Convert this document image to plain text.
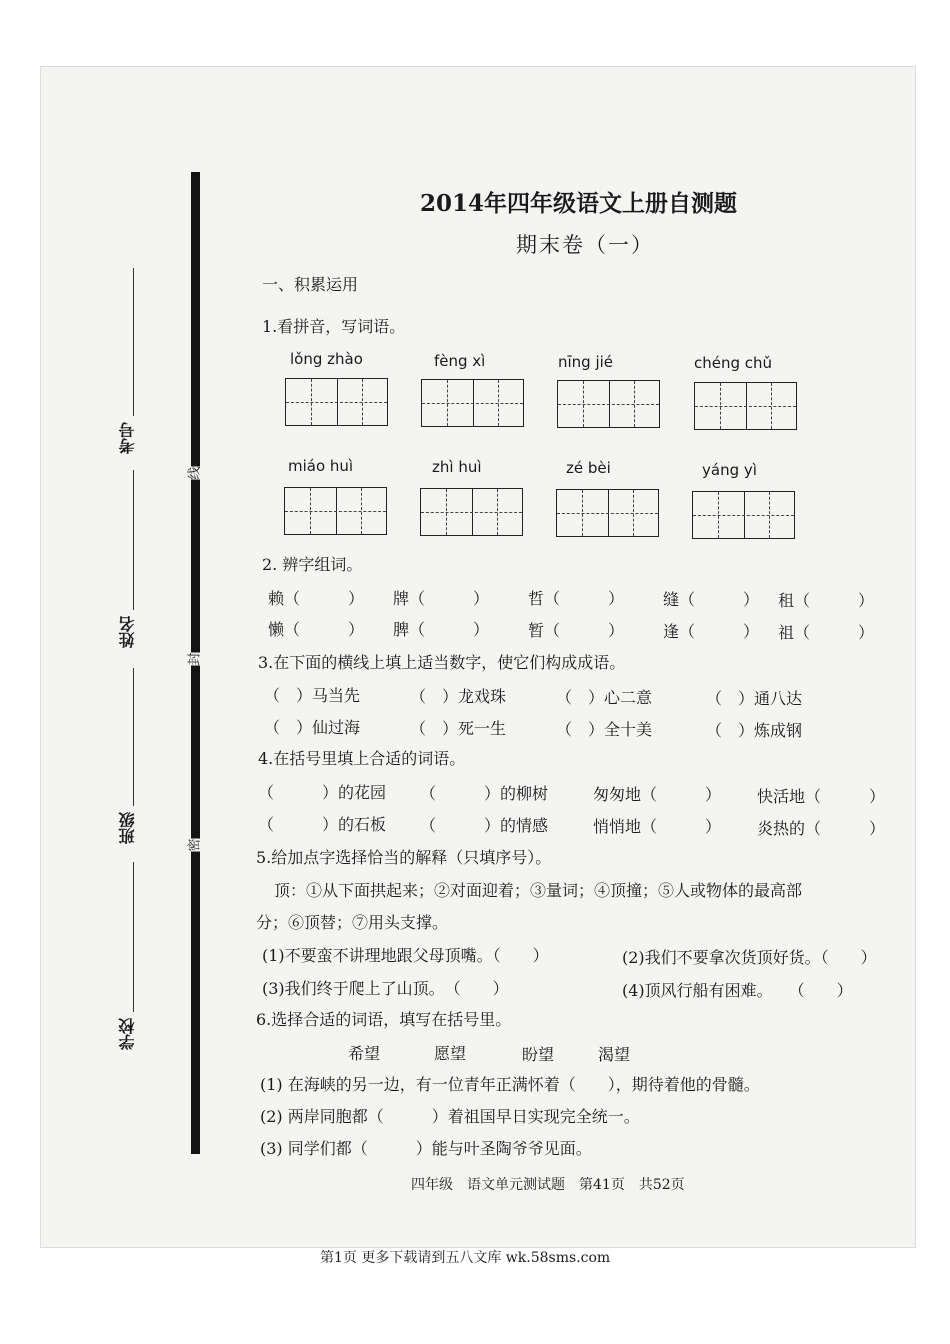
线
封
密
考号
姓名
班级
学校
2014年四年级语文上册自测题
期末卷（一）
一、积累运用
1.看拼音，写词语。
lǒng zhào	fèng xì	nīng jié	chéng chǔ
miáo huì	zhì huì	zé bèi	yáng yì
2. 辨字组词。
赖（　　　） 牌（　　　） 哲（　　　） 缝（　　　） 租（　　　）
懒（　　　） 脾（　　　） 暂（　　　） 逢（　　　） 祖（　　　）
3.在下面的横线上填上适当数字，使它们构成成语。
（　）马当先	（　）龙戏珠	（　）心二意	（　）通八达
（　）仙过海	（　）死一生	（　）全十美	（　）炼成钢
4.在括号里填上合适的词语。
（　　　）的花园 （　　　）的柳树	匆匆地（　　　） 快活地（　　　）
（　　　）的石板 （　　　）的情感	悄悄地（　　　） 炎热的（　　　）
5.给加点字选择恰当的解释（只填序号）。
顶：①从下面拱起来；②对面迎着；③量词；④顶撞；⑤人或物体的最高部
分；⑥顶替；⑦用头支撑。
(1)不要蛮不讲理地跟父母顶嘴。（　　）	(2)我们不要拿次货顶好货。（　　）
(3)我们终于爬上了山顶。　（　　）	(4)顶风行船有困难。　　（　　）
6.选择合适的词语，填写在括号里。
希望	愿望	盼望	渴望
(1) 在海峡的另一边，有一位青年正满怀着（　　），期待着他的骨髓。
(2) 两岸同胞都（　　　）着祖国早日实现完全统一。
(3) 同学们都（　　　）能与叶圣陶爷爷见面。
四年级　语文单元测试题　第41页　共52页
第1页 更多下载请到五八文库 wk.58sms.com
